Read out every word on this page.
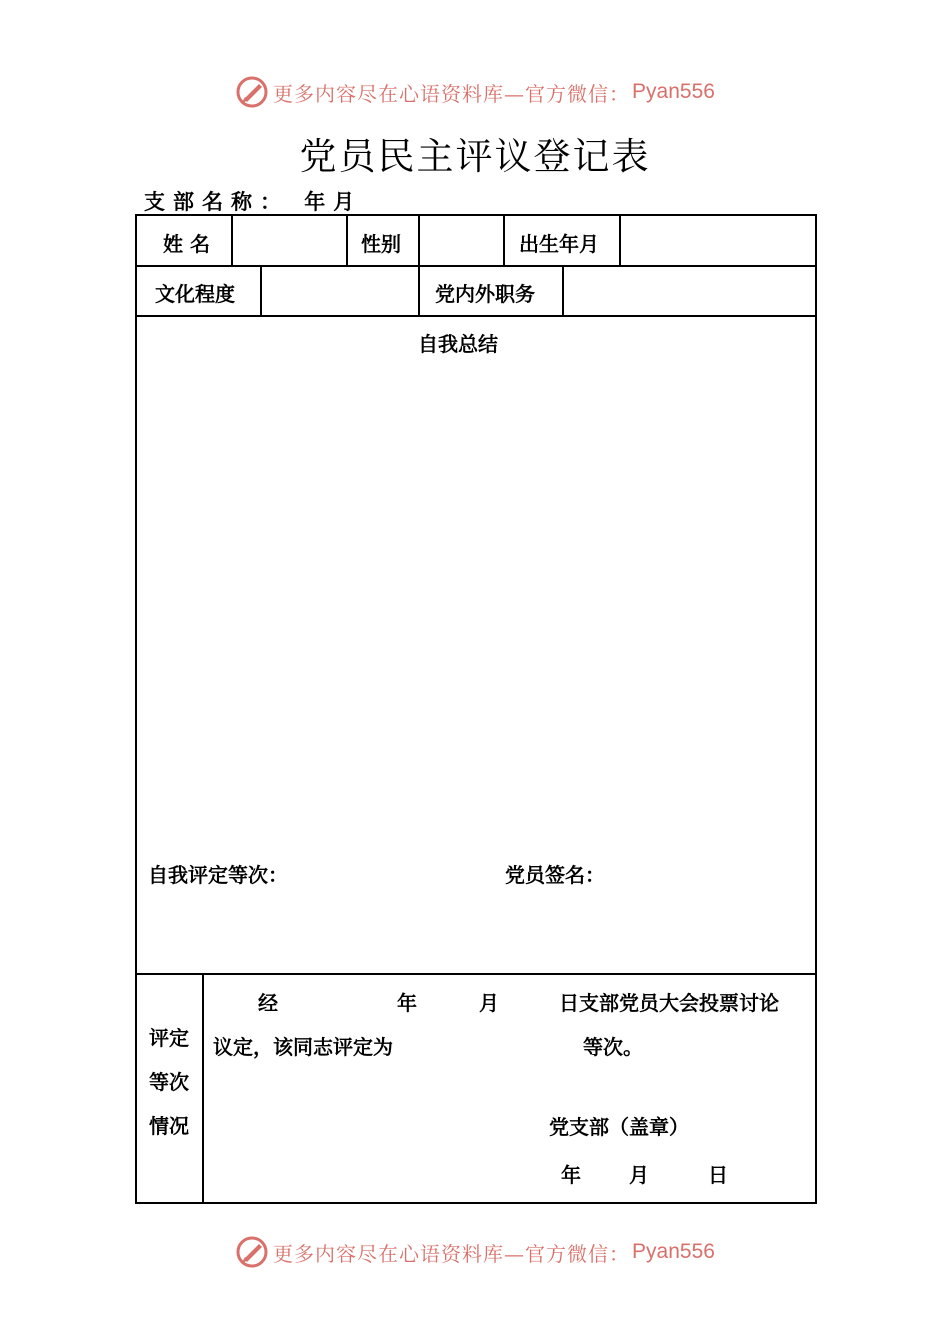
更多内容尽在心语资料库—官方微信： Pyan556
党员民主评议登记表
支部名称： 年月
姓 名	性别	出生年月
文化程度	党内外职务
自我总结
自我评定等次：	党员签名：
评定
等次
情况
经	年	月	日支部党员大会投票讨论
议定，该同志评定为	等次。
党支部（盖章）
年 月	日
更多内容尽在心语资料库—官方微信： Pyan556
